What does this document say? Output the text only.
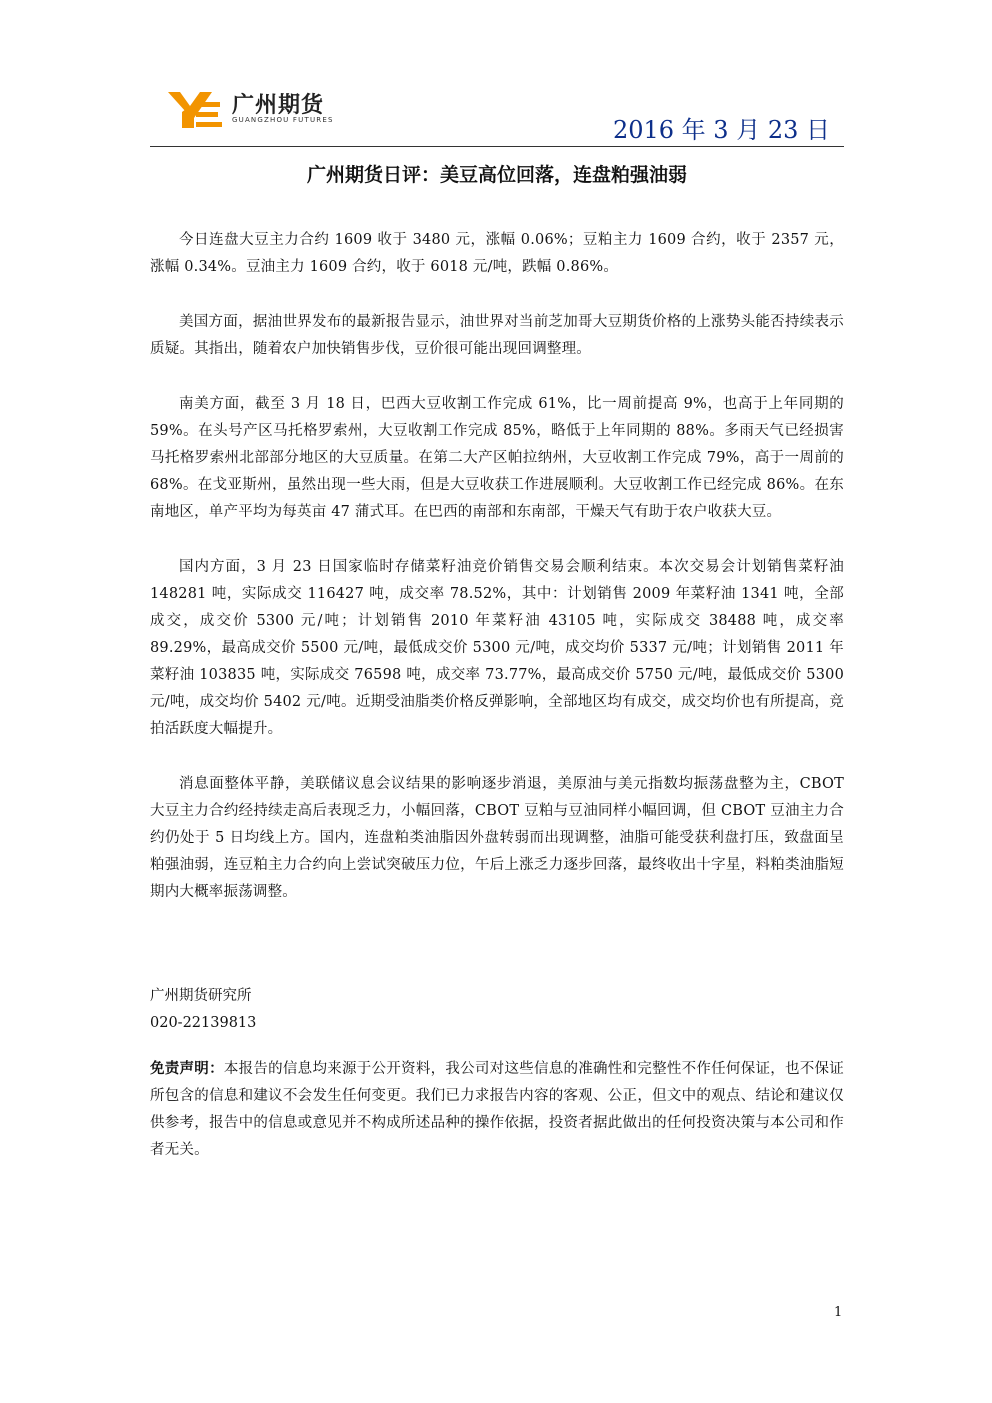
广州期货
GUANGZHOU FUTURES	2016 年 3 月 23 日
广州期货日评：美豆高位回落，连盘粕强油弱

今日连盘大豆主力合约 1609 收于 3480 元，涨幅 0.06%；豆粕主力 1609 合约，收于 2357 元，涨幅 0.34%。豆油主力 1609 合约，收于 6018 元/吨，跌幅 0.86%。

美国方面，据油世界发布的最新报告显示，油世界对当前芝加哥大豆期货价格的上涨势头能否持续表示质疑。其指出，随着农户加快销售步伐，豆价很可能出现回调整理。

南美方面，截至 3 月 18 日，巴西大豆收割工作完成 61%，比一周前提高 9%，也高于上年同期的 59%。在头号产区马托格罗索州，大豆收割工作完成 85%，略低于上年同期的 88%。多雨天气已经损害马托格罗索州北部部分地区的大豆质量。在第二大产区帕拉纳州，大豆收割工作完成 79%，高于一周前的 68%。在戈亚斯州，虽然出现一些大雨，但是大豆收获工作进展顺利。大豆收割工作已经完成 86%。在东南地区，单产平均为每英亩 47 蒲式耳。在巴西的南部和东南部，干燥天气有助于农户收获大豆。

国内方面，3 月 23 日国家临时存储菜籽油竞价销售交易会顺利结束。本次交易会计划销售菜籽油 148281 吨，实际成交 116427 吨，成交率 78.52%，其中：计划销售 2009 年菜籽油 1341 吨，全部成交，成交价 5300 元/吨；计划销售 2010 年菜籽油 43105 吨，实际成交 38488 吨，成交率 89.29%，最高成交价 5500 元/吨，最低成交价 5300 元/吨，成交均价 5337 元/吨；计划销售 2011 年菜籽油 103835 吨，实际成交 76598 吨，成交率 73.77%，最高成交价 5750 元/吨，最低成交价 5300 元/吨，成交均价 5402 元/吨。近期受油脂类价格反弹影响，全部地区均有成交，成交均价也有所提高，竞拍活跃度大幅提升。

消息面整体平静，美联储议息会议结果的影响逐步消退，美原油与美元指数均振荡盘整为主，CBOT 大豆主力合约经持续走高后表现乏力，小幅回落，CBOT 豆粕与豆油同样小幅回调，但 CBOT 豆油主力合约仍处于 5 日均线上方。国内，连盘粕类油脂因外盘转弱而出现调整，油脂可能受获利盘打压，致盘面呈粕强油弱，连豆粕主力合约向上尝试突破压力位，午后上涨乏力逐步回落，最终收出十字星，料粕类油脂短期内大概率振荡调整。

广州期货研究所

020-22139813

免责声明：本报告的信息均来源于公开资料，我公司对这些信息的准确性和完整性不作任何保证，也不保证所包含的信息和建议不会发生任何变更。我们已力求报告内容的客观、公正，但文中的观点、结论和建议仅供参考，报告中的信息或意见并不构成所述品种的操作依据，投资者据此做出的任何投资决策与本公司和作者无关。

1
